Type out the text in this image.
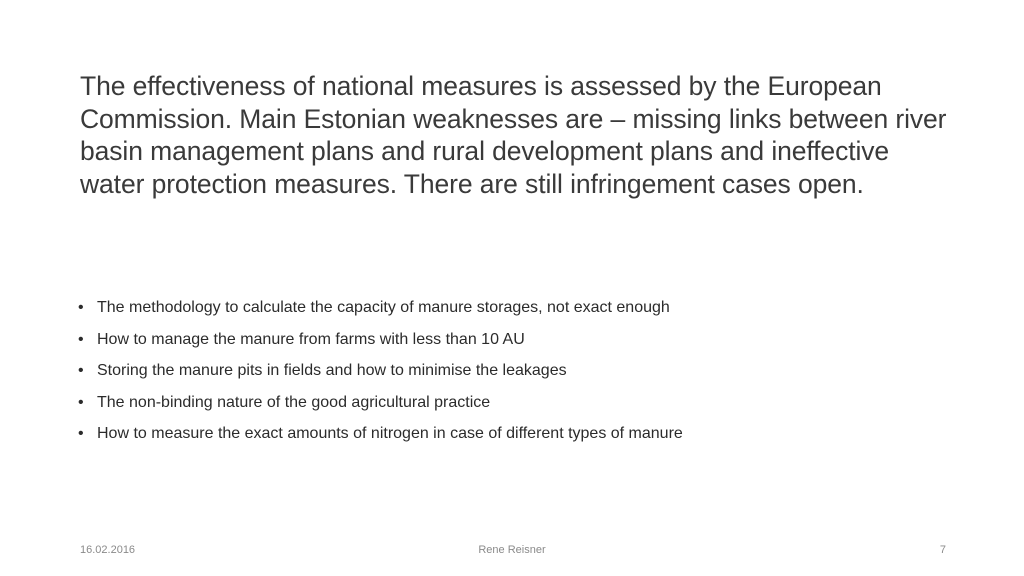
The effectiveness of national measures is assessed by the European Commission. Main Estonian weaknesses are – missing links between river basin management plans and rural development plans and ineffective water protection measures. There are still infringement cases open.

• The methodology to calculate the capacity of manure storages, not exact enough
• How to manage the manure from farms with less than 10 AU
• Storing the manure pits in fields and how to minimise the leakages
• The non-binding nature of the good agricultural practice
• How to measure the exact amounts of nitrogen in case of different types of manure
16.02.2016	Rene Reisner	7
